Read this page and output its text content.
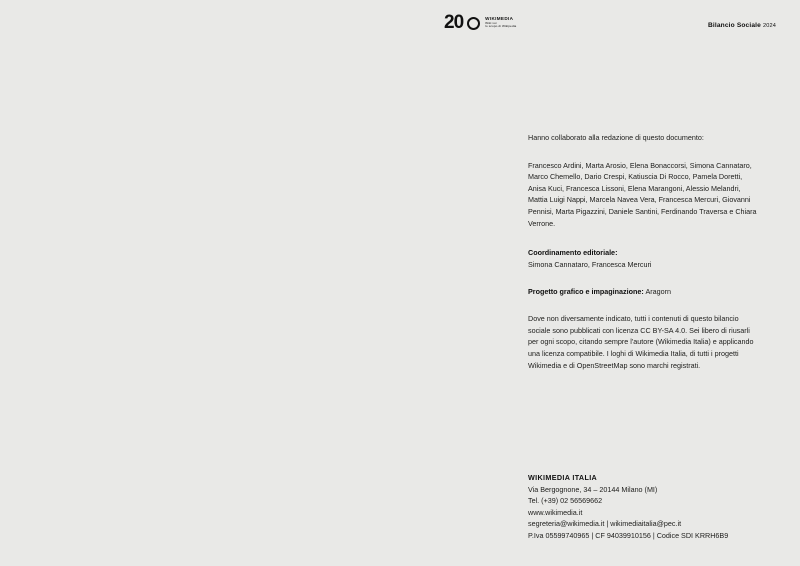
20	WIKIMEDIA
Wiki voi
lo scopo di Wikipedia	Bilancio Sociale 2024
Hanno collaborato alla redazione di questo documento:
Francesco Ardini, Marta Arosio, Elena Bonaccorsi, Simona Cannataro, Marco Chemello, Dario Crespi, Katiuscia Di Rocco, Pamela Doretti, Anisa Kuci, Francesca Lissoni, Elena Marangoni, Alessio Melandri, Mattia Luigi Nappi, Marcela Navea Vera, Francesca Mercuri, Giovanni Pennisi, Marta Pigazzini, Daniele Santini, Ferdinando Traversa e Chiara Verrone.
Coordinamento editoriale:
Simona Cannataro, Francesca Mercuri
Progetto grafico e impaginazione: Aragorn
Dove non diversamente indicato, tutti i contenuti di questo bilancio sociale sono pubblicati con licenza CC BY-SA 4.0. Sei libero di riusarli per ogni scopo, citando sempre l'autore (Wikimedia Italia) e applicando una licenza compatibile. I loghi di Wikimedia Italia, di tutti i progetti Wikimedia e di OpenStreetMap sono marchi registrati.
WIKIMEDIA ITALIA
Via Bergognone, 34 – 20144 Milano (MI)
Tel. (+39) 02 56569662
www.wikimedia.it
segreteria@wikimedia.it | wikimediaitalia@pec.it
P.Iva 05599740965 | CF 94039910156 | Codice SDI KRRH6B9
